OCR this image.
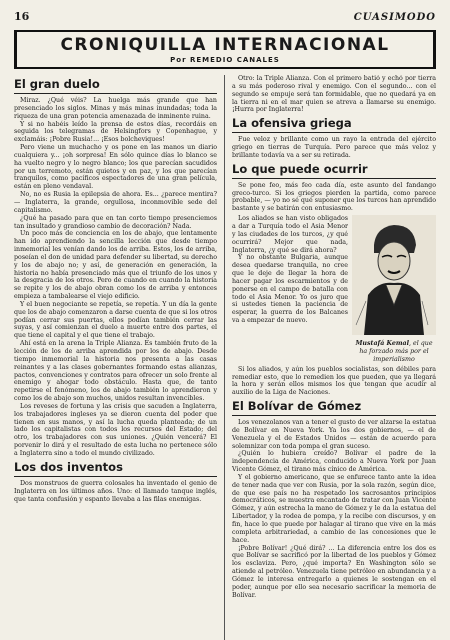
16	CUASIMODO
CRONIQUILLA INTERNACIONAL
Por REMEDIO CANALES
El gran duelo

Miraz. ¿Qué véis? La huelga más grande que han presenciado los siglos. Minas y más minas inundadas; toda la riqueza de una gran potencia amenazada de inminente ruina.

Y si no habéis leído la prensa de estos días, recordáis en seguida los telegramas de Helsingfors y Copenhague, y exclamáis: ¡Pobre Rusia!... ¡Esos bolcheviques!

Pero viene un muchacho y os pone en las manos un diario cualquiera y... ¡oh sorpresa! En sólo quince días lo blanco se ha vuelto negro y lo negro blanco; los que parecían sacudidos por un terremoto, están quietos y en paz, y los que parecían tranquilos, como pacíficos espectadores de una gran película, están en pleno vendaval.

No, no es Rusia la epilepsia de ahora. Es... ¿parece mentira? — Inglaterra, la grande, orgullosa, inconmovible sede del capitalismo.

¿Qué ha pasado para que en tan corto tiempo presenciemos tan insultado y grandioso cambio de decoración? Nada.

Un poco más de conciencia en los de abajo, que lentamente han ido aprendiendo la sencilla lección que desde tiempo inmemorial les venían dando los de arriba. Estos, los de arriba, poseían el don de unidad para defender su libertad, su derecho y los de abajo no; y así, de generación en generación, la historia no había presenciado más que el triunfo de los unos y la desgracia de los otros. Pero de cuando en cuando la historia se repite y los de abajo obran como los de arriba y entonces empieza a tambalearse el viejo edificio.

Y el buen negociante se repetía, se repetía. Y un día la gente que los de abajo comenzaron a darse cuenta de que si los otros podían cerrar sus puertas, ellos podían también cerrar las suyas, y así comienzan el duelo a muerte entre dos partes, el que tiene el capital y el que tiene el trabajo.

Ahí está en la arena la Triple Alianza. Es también fruto de la lección de los de arriba aprendida por los de abajo. Desde tiempo inmemorial la historia nos presenta a las casas reinantes y a las clases gobernantes formando estas alianzas, pactos, convenciones y contratos para ofrecer un solo frente al enemigo y ahogar todo obstáculo. Hasta que, de tanto repetirse el fenómeno, los de abajo también lo aprendieron y como los de abajo son muchos, unidos resultan invencibles.

Los reveses de fortuna y las crisis que sacuden a Inglaterra, los trabajadores ingleses ya se dieron cuenta del poder que tienen en sus manos, y así la lucha queda planteada; de un lado los capitalistas con todos los recursos del Estado; del otro, los trabajadores con sus uniones. ¿Quién vencerá? El porvenir lo dirá y el resultado de esta lucha no pertenece sólo a Inglaterra sino a todo el mundo civilizado.

Los dos inventos

Dos monstruos de guerra colosales ha inventado el genio de Inglaterra en los últimos años. Uno: el llamado tanque inglés, que tanta confusión y espanto llevaba a las filas enemigas.

Otro: la Triple Alianza. Con el primero batió y echó por tierra a su más poderoso rival y enemigo. Con el segundo... con el segundo se empuje será tan formidable, que no quedará ya en la tierra ni en el mar quien se atreva a llamarse su enemigo. ¡Hurra por Inglaterra!

La ofensiva griega

Fue veloz y brillante como un rayo la entrada del ejército griego en tierras de Turquía. Pero parece que más veloz y brillante todavía va a ser su retirada.

Lo que puede ocurrir

Se pone feo, más feo cada día, este asunto del fandango greco-turco. Si los griegos pierden la partida, como parece probable, — yo no sé qué suponer que los turcos han aprendido bastante y se batirán con entusiasmo.

Los aliados se han visto obligados a dar a Turquía todo el Asia Menor y las ciudades de los turcos, ¿y qué ocurrirá? Mejor que nada, Inglaterra, ¿y qué se dirá ahora?

Y no obstante Bulgaria, aunque desea quedarse tranquila, no cree que le deje de llegar la hora de hacer pagar los escarmientos y de ponerse en el campo de batalla con todo el Asia Menor. Yo os juro que si ustedes tienen la paciencia de esperar, la guerra de los Balcanes va a empezar de nuevo.

Mustafá Kemal, el que ha forzado más por el imperialismo

Si los aliados, y aún los pueblos socialistas, son débiles para remediar esto, que lo remedien los que pueden, que ya llegará la hora y serán ellos mismos los que tengan que acudir al auxilio de la Liga de Naciones.

El Bolívar de Gómez

Los venezolanos van a tener el gusto de ver alzarse la estatua de Bolívar en Nueva York. Ya los dos gobiernos, — el de Venezuela y el de Estados Unidos — están de acuerdo para solemnizar con toda pompa el gran suceso.

¿Quién lo hubiera creído? Bolívar el padre de la independencia de América, conducido a Nueva York por Juan Vicente Gómez, el tirano más cínico de América.

Y el gobierno americano, que se enfurece tanto ante la idea de tener nada que ver con Rusia, por la sola razón, según dice, de que ese país no ha respetado los sacrosantos principios democráticos, se muestra encantado de tratar con Juan Vicente Gómez, y aún estrecha la mano de Gómez y le da la estatua del Libertador, y la rodea de pompa, y la recibe con discursos, y en fin, hace lo que puede por halagar al tirano que vive en la más completa arbitrariedad, a cambio de las concesiones que le hace.

¡Pobre Bolívar! ¿Qué dirá? ... La diferencia entre los dos es que Bolívar se sacrificó por la libertad de los pueblos y Gómez los esclaviza. Pero, ¿qué importa? En Washington sólo se atiende al petróleo. Venezuela tiene petróleo en abundancia y a Gómez le interesa entregarlo a quienes le sostengan en el poder, aunque por ello sea necesario sacrificar la memoria de Bolívar.
